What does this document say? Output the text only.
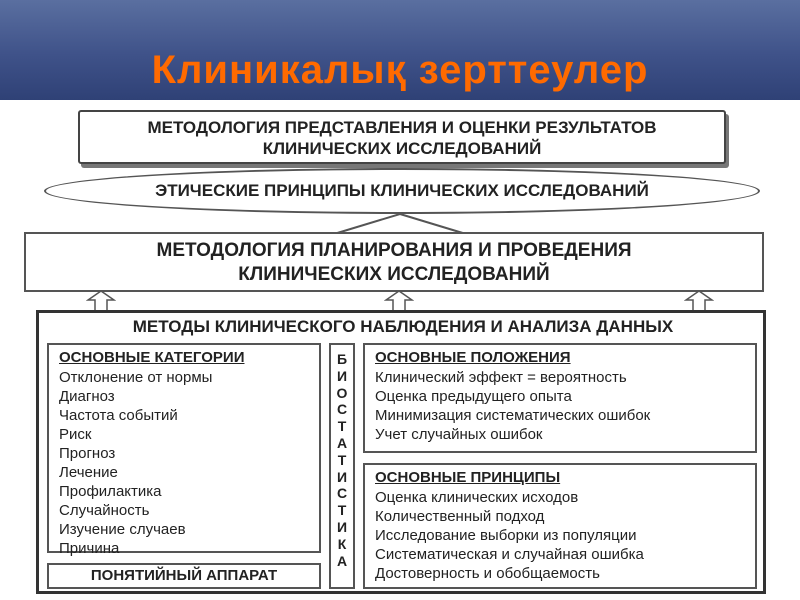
Клиникалық зерттеулер
МЕТОДОЛОГИЯ ПРЕДСТАВЛЕНИЯ И ОЦЕНКИ РЕЗУЛЬТАТОВ
КЛИНИЧЕСКИХ ИССЛЕДОВАНИЙ
ЭТИЧЕСКИЕ ПРИНЦИПЫ КЛИНИЧЕСКИХ ИССЛЕДОВАНИЙ
МЕТОДОЛОГИЯ ПЛАНИРОВАНИЯ И ПРОВЕДЕНИЯ
КЛИНИЧЕСКИХ ИССЛЕДОВАНИЙ
МЕТОДЫ КЛИНИЧЕСКОГО НАБЛЮДЕНИЯ И АНАЛИЗА ДАННЫХ
ОСНОВНЫЕ КАТЕГОРИИ
Отклонение от нормы
Диагноз
Частота событий
Риск
Прогноз
Лечение
Профилактика
Случайность
Изучение случаев
Причина
ПОНЯТИЙНЫЙ АППАРАТ
Б
И
О
С
Т
А
Т
И
С
Т
И
К
А
ОСНОВНЫЕ ПОЛОЖЕНИЯ
Клинический эффект = вероятность
Оценка предыдущего опыта
Минимизация систематических ошибок
Учет случайных ошибок
ОСНОВНЫЕ ПРИНЦИПЫ
Оценка клинических исходов
Количественный подход
Исследование выборки из популяции
Систематическая и случайная ошибка
Достоверность и обобщаемость
